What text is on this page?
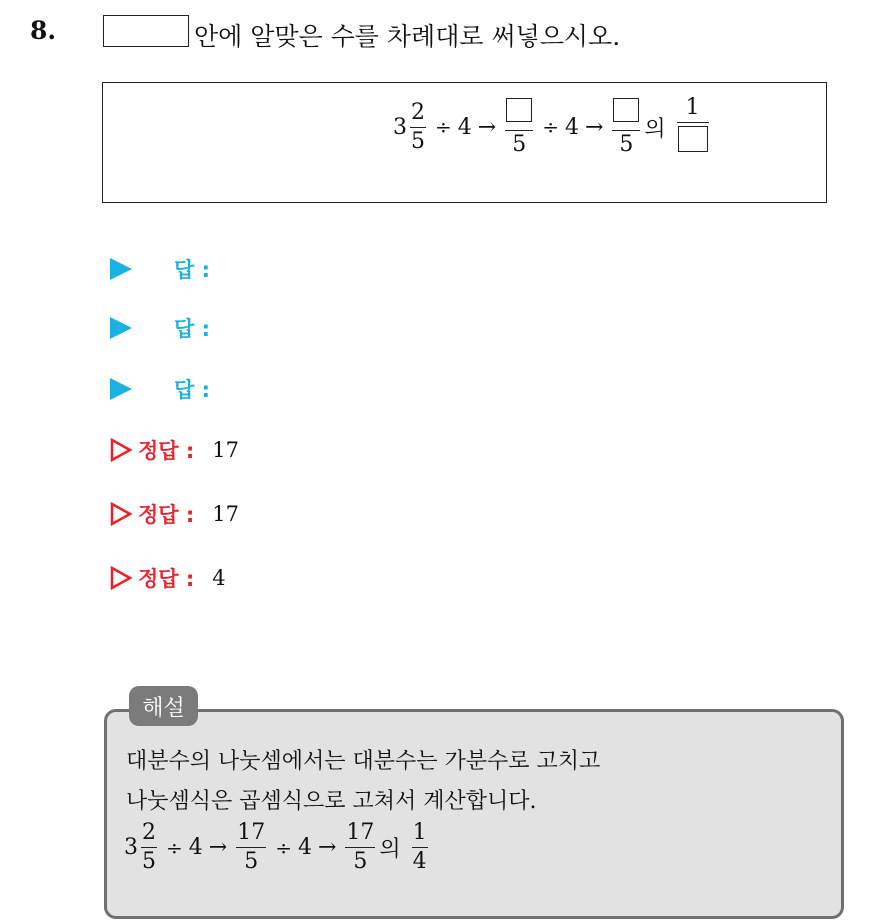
8.	안에 알맞은 수를 차례대로 써넣으시오.
$3 \frac{2}{5} \div 4$ →
5
÷ 4 →
5
의
1
답 :
답 :
답 :
정답 : 17
정답 : 17
정답 : 4
해설
대분수의 나눗셈에서는 대분수는 가분수로 고치고
나눗셈식은 곱셈식으로 고쳐서 계산합니다.
$3 \frac{2}{5} \div 4 \to \frac{17}{5} \div 4 \to \frac{17}{5}$ 의 $\frac{1}{4}$
